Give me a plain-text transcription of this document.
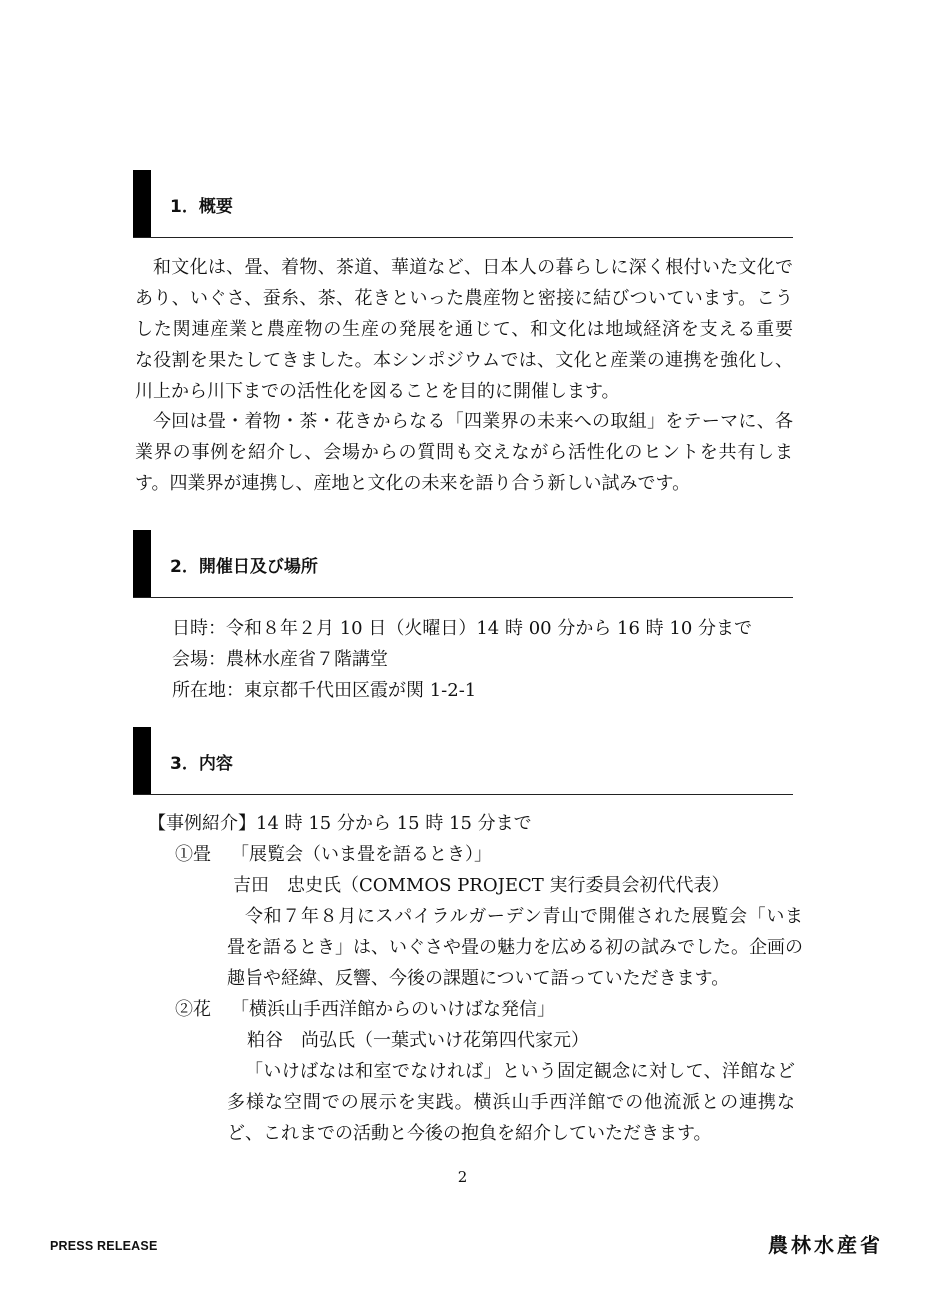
1．概要
和文化は、畳、着物、茶道、華道など、日本人の暮らしに深く根付いた文化で
あり、いぐさ、蚕糸、茶、花きといった農産物と密接に結びついています。こう
した関連産業と農産物の生産の発展を通じて、和文化は地域経済を支える重要
な役割を果たしてきました。本シンポジウムでは、文化と産業の連携を強化し、
川上から川下までの活性化を図ることを目的に開催します。
今回は畳・着物・茶・花きからなる「四業界の未来への取組」をテーマに、各
業界の事例を紹介し、会場からの質問も交えながら活性化のヒントを共有しま
す。四業界が連携し、産地と文化の未来を語り合う新しい試みです。
2．開催日及び場所
日時：令和８年２月 10 日（火曜日）14 時 00 分から 16 時 10 分まで
会場：農林水産省７階講堂
所在地：東京都千代田区霞が関 1-2-1
3．内容
【事例紹介】14 時 15 分から 15 時 15 分まで
①畳 「展覧会（いま畳を語るとき）」
吉田　忠史氏（COMMOS PROJECT 実行委員会初代代表）
令和７年８月にスパイラルガーデン青山で開催された展覧会「いま
畳を語るとき」は、いぐさや畳の魅力を広める初の試みでした。企画の
趣旨や経緯、反響、今後の課題について語っていただきます。
②花 「横浜山手西洋館からのいけばな発信」
粕谷　尚弘氏（一葉式いけ花第四代家元）
「いけばなは和室でなければ」という固定観念に対して、洋館など
多様な空間での展示を実践。横浜山手西洋館での他流派との連携な
ど、これまでの活動と今後の抱負を紹介していただきます。
2
PRESS RELEASE	農林水産省
